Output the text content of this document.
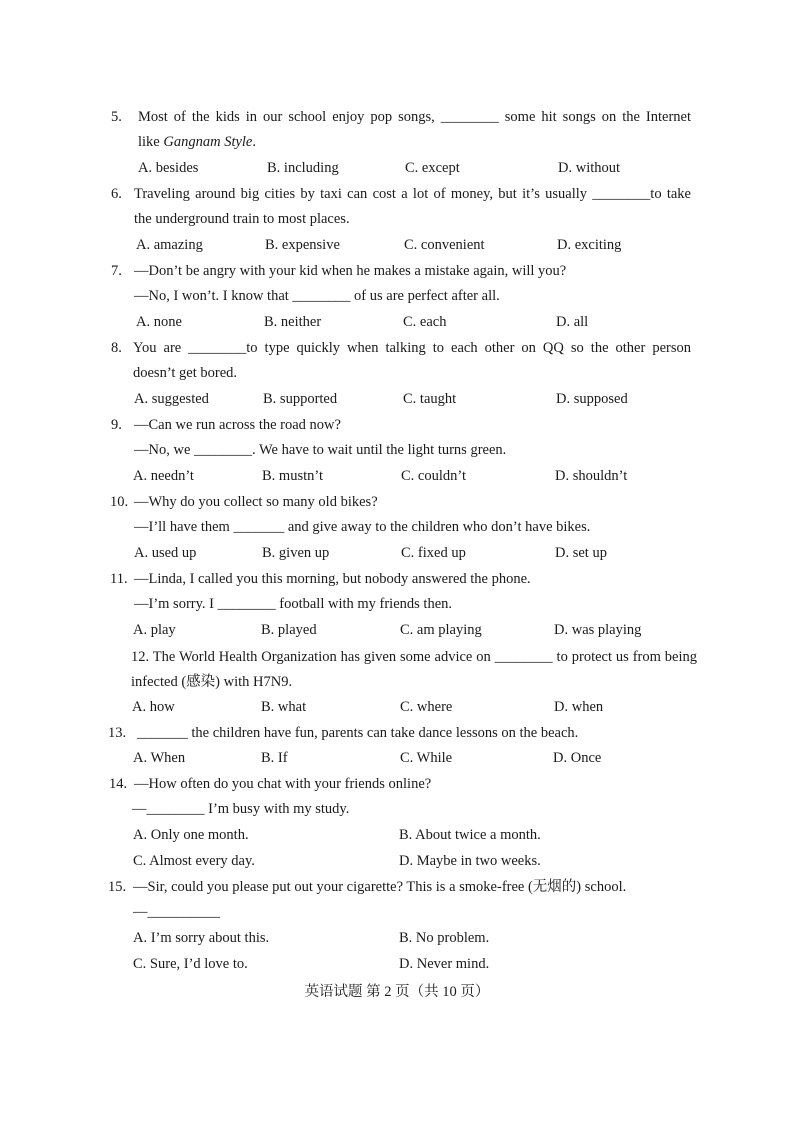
5. Most of the kids in our school enjoy pop songs, ________ some hit songs on the Internet
like Gangnam Style.
A. besides	B. including	C. except	D. without
6. Traveling around big cities by taxi can cost a lot of money, but it’s usually ________to take
the underground train to most places.
A. amazing	B. expensive	C. convenient	D. exciting
7. —Don’t be angry with your kid when he makes a mistake again, will you?
—No, I won’t. I know that ________ of us are perfect after all.
A. none	B. neither	C. each	D. all
8. You are ________to type quickly when talking to each other on QQ so the other person
doesn’t get bored.
A. suggested	B. supported	C. taught	D. supposed
9. —Can we run across the road now?
—No, we ________. We have to wait until the light turns green.
A. needn’t	B. mustn’t	C. couldn’t	D. shouldn’t
10. —Why do you collect so many old bikes?
—I’ll have them _______ and give away to the children who don’t have bikes.
A. used up	B. given up	C. fixed up	D. set up
11. —Linda, I called you this morning, but nobody answered the phone.
—I’m sorry. I ________ football with my friends then.
A. play	B. played	C. am playing	D. was playing
12. The World Health Organization has given some advice on ________ to protect us from being
infected (感染) with H7N9.
A. how	B. what	C. where	D. when
13. _______ the children have fun, parents can take dance lessons on the beach.
A. When	B. If	C. While	D. Once
14. —How often do you chat with your friends online?
—________ I’m busy with my study.
A. Only one month.	B. About twice a month.
C. Almost every day.	D. Maybe in two weeks.
15. —Sir, could you please put out your cigarette? This is a smoke-free (无烟的) school.
—__________
A. I’m sorry about this.	B. No problem.
C. Sure, I’d love to.	D. Never mind.
英语试题 第 2 页（共 10 页）
